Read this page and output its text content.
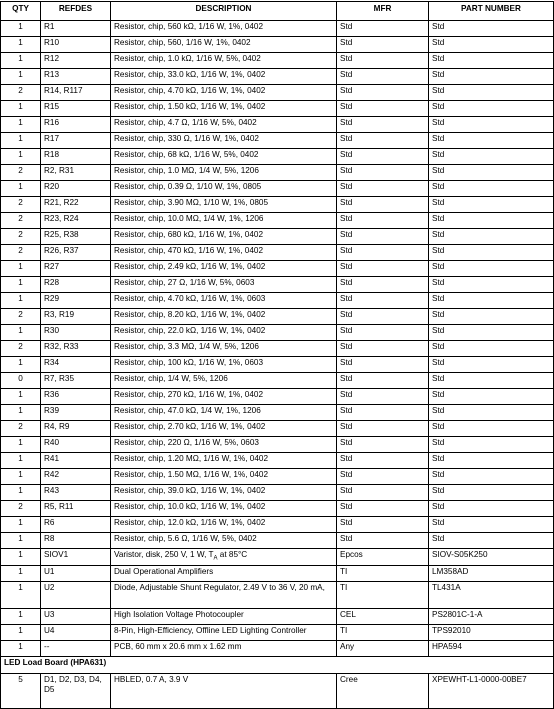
QTY	REFDES	DESCRIPTION	MFR	PART NUMBER
1	R1	Resistor, chip, 560 kΩ, 1/16 W, 1%, 0402	Std	Std
1	R10	Resistor, chip, 560, 1/16 W, 1%, 0402	Std	Std
1	R12	Resistor, chip, 1.0 kΩ, 1/16 W, 5%, 0402	Std	Std
1	R13	Resistor, chip, 33.0 kΩ, 1/16 W, 1%, 0402	Std	Std
2	R14, R117	Resistor, chip, 4.70 kΩ, 1/16 W, 1%, 0402	Std	Std
1	R15	Resistor, chip, 1.50 kΩ, 1/16 W, 1%, 0402	Std	Std
1	R16	Resistor, chip, 4.7 Ω, 1/16 W, 5%, 0402	Std	Std
1	R17	Resistor, chip, 330 Ω, 1/16 W, 1%, 0402	Std	Std
1	R18	Resistor, chip, 68 kΩ, 1/16 W, 5%, 0402	Std	Std
2	R2, R31	Resistor, chip, 1.0 MΩ, 1/4 W, 5%, 1206	Std	Std
1	R20	Resistor, chip, 0.39 Ω, 1/10 W, 1%, 0805	Std	Std
2	R21, R22	Resistor, chip, 3.90 MΩ, 1/10 W, 1%, 0805	Std	Std
2	R23, R24	Resistor, chip, 10.0 MΩ, 1/4 W, 1%, 1206	Std	Std
2	R25, R38	Resistor, chip, 680 kΩ, 1/16 W, 1%, 0402	Std	Std
2	R26, R37	Resistor, chip, 470 kΩ, 1/16 W, 1%, 0402	Std	Std
1	R27	Resistor, chip, 2.49 kΩ, 1/16 W, 1%, 0402	Std	Std
1	R28	Resistor, chip, 27 Ω, 1/16 W, 5%, 0603	Std	Std
1	R29	Resistor, chip, 4.70 kΩ, 1/16 W, 1%, 0603	Std	Std
2	R3, R19	Resistor, chip, 8.20 kΩ, 1/16 W, 1%, 0402	Std	Std
1	R30	Resistor, chip, 22.0 kΩ, 1/16 W, 1%, 0402	Std	Std
2	R32, R33	Resistor, chip, 3.3 MΩ, 1/4 W, 5%, 1206	Std	Std
1	R34	Resistor, chip, 100 kΩ, 1/16 W, 1%, 0603	Std	Std
0	R7, R35	Resistor, chip, 1/4 W, 5%, 1206	Std	Std
1	R36	Resistor, chip, 270 kΩ, 1/16 W, 1%, 0402	Std	Std
1	R39	Resistor, chip, 47.0 kΩ, 1/4 W, 1%, 1206	Std	Std
2	R4, R9	Resistor, chip, 2.70 kΩ, 1/16 W, 1%, 0402	Std	Std
1	R40	Resistor, chip, 220 Ω, 1/16 W, 5%, 0603	Std	Std
1	R41	Resistor, chip, 1.20 MΩ, 1/16 W, 1%, 0402	Std	Std
1	R42	Resistor, chip, 1.50 MΩ, 1/16 W, 1%, 0402	Std	Std
1	R43	Resistor, chip, 39.0 kΩ, 1/16 W, 1%, 0402	Std	Std
2	R5, R11	Resistor, chip, 10.0 kΩ, 1/16 W, 1%, 0402	Std	Std
1	R6	Resistor, chip, 12.0 kΩ, 1/16 W, 1%, 0402	Std	Std
1	R8	Resistor, chip, 5.6 Ω, 1/16 W, 5%, 0402	Std	Std
1	SIOV1	Varistor, disk, 250 V, 1 W, $T_A$ at 85°C	Epcos	SIOV-S05K250
1	U1	Dual Operational Amplifiers	TI	LM358AD
1	U2	Diode, Adjustable Shunt Regulator, 2.49 V to 36 V, 20 mA,	TI	TL431A
1	U3	High Isolation Voltage Photocoupler	CEL	PS2801C-1-A
1	U4	8-Pin, High-Efficiency, Offline LED Lighting Controller	TI	TPS92010
1	--	PCB, 60 mm x 20.6 mm x 1.62 mm	Any	HPA594
LED Load Board (HPA631)				
5	D1, D2, D3, D4, D5	HBLED, 0.7 A, 3.9 V	Cree	XPEWHT-L1-0000-00BE7
